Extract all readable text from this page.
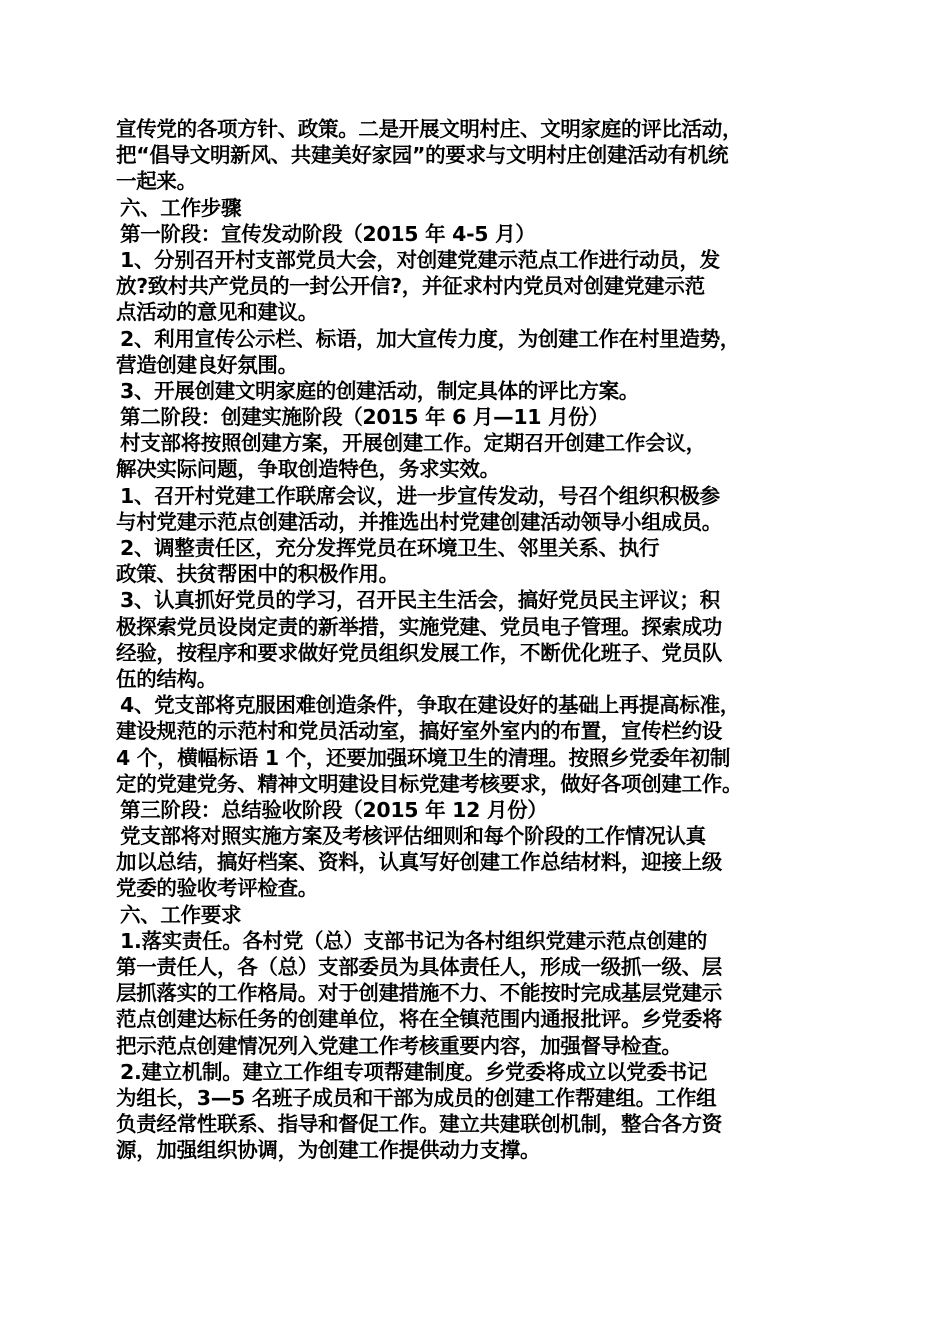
宣传党的各项方针、政策。二是开展文明村庄、文明家庭的评比活动，
把“倡导文明新风、共建美好家园”的要求与文明村庄创建活动有机统
一起来。
六、工作步骤
第一阶段：宣传发动阶段（2015 年 4-5 月）
1、分别召开村支部党员大会，对创建党建示范点工作进行动员，发
放?致村共产党员的一封公开信?，并征求村内党员对创建党建示范
点活动的意见和建议。
2、利用宣传公示栏、标语，加大宣传力度，为创建工作在村里造势，
营造创建良好氛围。
3、开展创建文明家庭的创建活动，制定具体的评比方案。
第二阶段：创建实施阶段（2015 年 6 月—11 月份）
村支部将按照创建方案，开展创建工作。定期召开创建工作会议，
解决实际问题，争取创造特色，务求实效。
1、召开村党建工作联席会议，进一步宣传发动，号召个组织积极参
与村党建示范点创建活动，并推选出村党建创建活动领导小组成员。
2、调整责任区，充分发挥党员在环境卫生、邻里关系、执行
政策、扶贫帮困中的积极作用。
3、认真抓好党员的学习，召开民主生活会，搞好党员民主评议；积
极探索党员设岗定责的新举措，实施党建、党员电子管理。探索成功
经验，按程序和要求做好党员组织发展工作，不断优化班子、党员队
伍的结构。
4、党支部将克服困难创造条件，争取在建设好的基础上再提高标准，
建设规范的示范村和党员活动室，搞好室外室内的布置，宣传栏约设
4 个，横幅标语 1 个，还要加强环境卫生的清理。按照乡党委年初制
定的党建党务、精神文明建设目标党建考核要求，做好各项创建工作。
第三阶段：总结验收阶段（2015 年 12 月份）
党支部将对照实施方案及考核评估细则和每个阶段的工作情况认真
加以总结，搞好档案、资料，认真写好创建工作总结材料，迎接上级
党委的验收考评检查。
六、工作要求
1.落实责任。各村党（总）支部书记为各村组织党建示范点创建的
第一责任人，各（总）支部委员为具体责任人，形成一级抓一级、层
层抓落实的工作格局。对于创建措施不力、不能按时完成基层党建示
范点创建达标任务的创建单位，将在全镇范围内通报批评。乡党委将
把示范点创建情况列入党建工作考核重要内容，加强督导检查。
2.建立机制。建立工作组专项帮建制度。乡党委将成立以党委书记
为组长，3—5 名班子成员和干部为成员的创建工作帮建组。工作组
负责经常性联系、指导和督促工作。建立共建联创机制，整合各方资
源，加强组织协调，为创建工作提供动力支撑。
